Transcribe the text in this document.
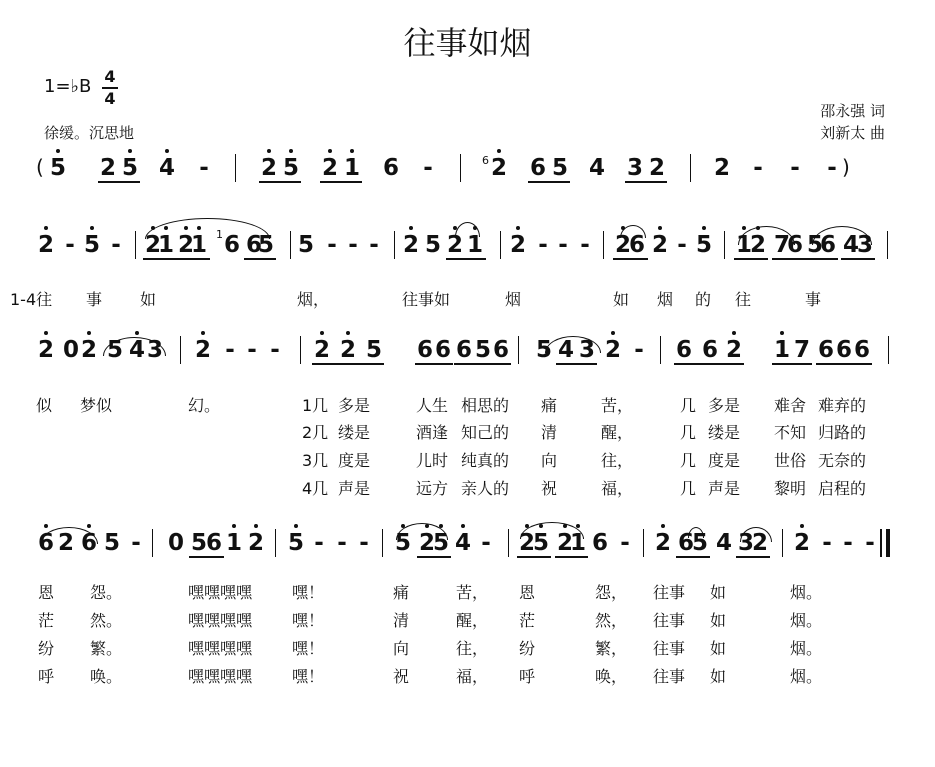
往事如烟
1=♭B 4
4
徐缓。沉思地
邵永强 词
刘新太 曲
5 2 5 4 - 2 5 2 1 6 -	2 6 5 4 3 2 2 - - -
2 - 5 - 2
1 2
1 6 6
5 5 - - - 2 5 2 1 2 - - - 2
6 2 - 5 1
2 7
6 5
6 4
3
2 0 2 5 4 3 2 - - - 2 2 5 6 6 6 5 6 5 4 3 2 - 6 6 2 1 7 6 6 6
6 2 6 5 - 0 5
6 1 2 5 - - - 5 2
5 4 - 2
5 2
1 6 - 2 6
5 4 3
2 2 - - -
(	)
6
1
1-4往 事 如	烟，	往事如	烟	如 烟 的 往	事
似 梦似	幻。	1几 多是	人生 相思的 痛	苦，	几 多是 难舍 难弃的
2几 缕是	酒逢 知己的 清	醒，	几 缕是 不知 归路的
3几 度是	儿时 纯真的 向	往，	几 度是 世俗 无奈的
4几 声是	远方 亲人的 祝	福，	几 声是 黎明 启程的
恩 怨。	嘿嘿嘿嘿 嘿！	痛	苦， 恩	怨， 往事 如	烟。
茫 然。	嘿嘿嘿嘿 嘿！	清	醒， 茫	然， 往事 如	烟。
纷 繁。	嘿嘿嘿嘿 嘿！	向	往， 纷	繁， 往事 如	烟。
呼 唤。	嘿嘿嘿嘿 嘿！	祝	福， 呼	唤， 往事 如	烟。
